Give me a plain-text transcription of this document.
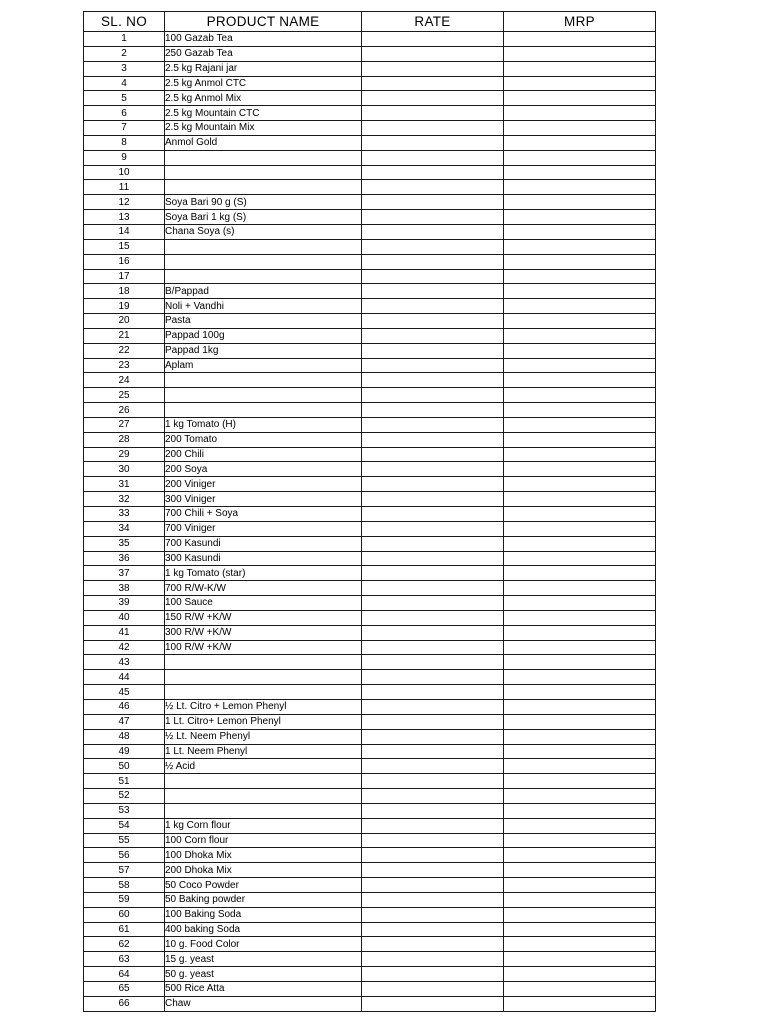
SL. NO	PRODUCT NAME	RATE	MRP
1	100 Gazab Tea		
2	250 Gazab Tea		
3	2.5 kg Rajani jar		
4	2.5 kg Anmol CTC		
5	2.5 kg Anmol Mix		
6	2.5 kg Mountain CTC		
7	2.5 kg Mountain Mix		
8	Anmol Gold		
9			
10			
11			
12	Soya Bari 90 g (S)		
13	Soya Bari 1 kg (S)		
14	Chana Soya (s)		
15			
16			
17			
18	B/Pappad		
19	Noli + Vandhi		
20	Pasta		
21	Pappad 100g		
22	Pappad 1kg		
23	Aplam		
24			
25			
26			
27	1 kg Tomato (H)		
28	200 Tomato		
29	200 Chili		
30	200 Soya		
31	200 Viniger		
32	300 Viniger		
33	700 Chili + Soya		
34	700 Viniger		
35	700 Kasundi		
36	300 Kasundi		
37	1 kg Tomato (star)		
38	700 R/W-K/W		
39	100 Sauce		
40	150 R/W +K/W		
41	300 R/W +K/W		
42	100 R/W +K/W		
43			
44			
45			
46	½ Lt. Citro + Lemon Phenyl		
47	1 Lt. Citro+ Lemon Phenyl		
48	½ Lt. Neem Phenyl		
49	1 Lt. Neem Phenyl		
50	½ Acid		
51			
52			
53			
54	1 kg Corn flour		
55	100 Corn flour		
56	100 Dhoka Mix		
57	200 Dhoka Mix		
58	50 Coco Powder		
59	50 Baking powder		
60	100 Baking Soda		
61	400 baking Soda		
62	10 g. Food Color		
63	15 g. yeast		
64	50 g. yeast		
65	500 Rice Atta		
66	Chaw		
